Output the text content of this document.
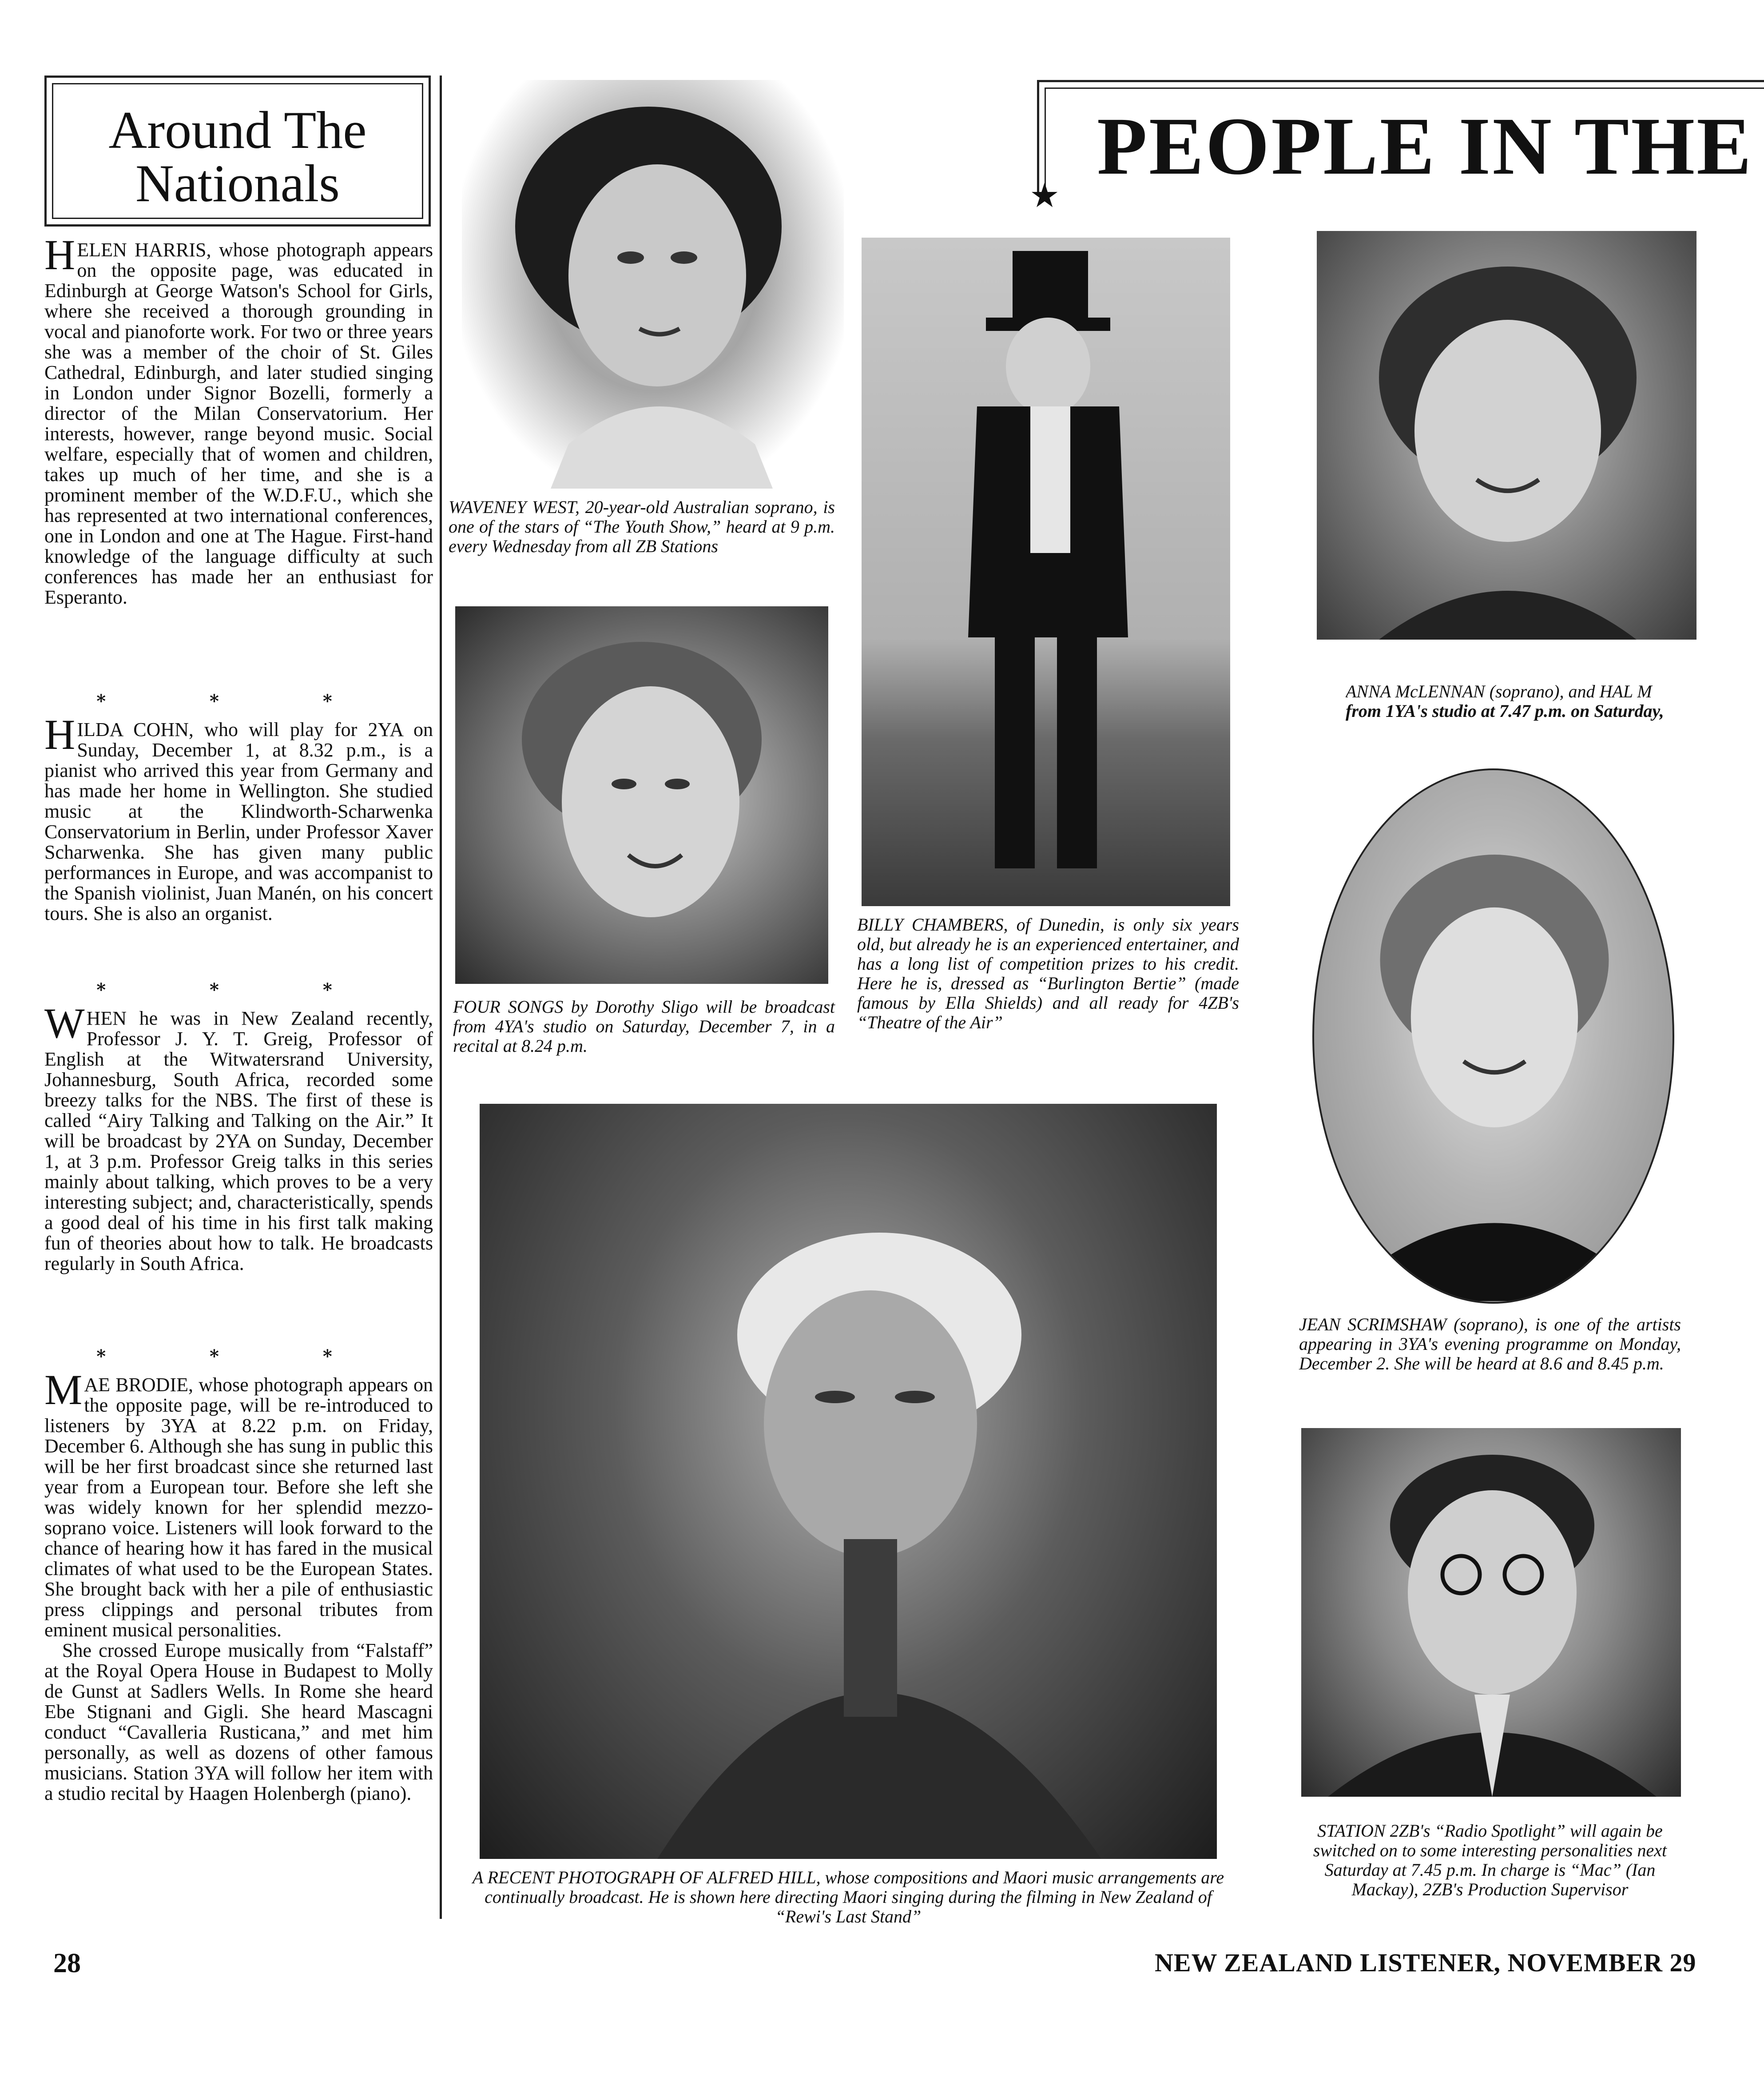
Around The
Nationals
HELEN HARRIS, whose photograph appears on the opposite page, was educated in Edinburgh at George Watson's School for Girls, where she received a thorough grounding in vocal and pianoforte work. For two or three years she was a member of the choir of St. Giles Cathedral, Edinburgh, and later studied singing in London under Signor Bozelli, formerly a director of the Milan Conservatorium. Her interests, however, range beyond music. Social welfare, especially that of women and children, takes up much of her time, and she is a prominent member of the W.D.F.U., which she has represented at two international conferences, one in London and one at The Hague. First-hand knowledge of the language difficulty at such conferences has made her an enthusiast for Esperanto.
* * *
HILDA COHN, who will play for 2YA on Sunday, December 1, at 8.32 p.m., is a pianist who arrived this year from Germany and has made her home in Wellington. She studied music at the Klindworth-Scharwenka Conservatorium in Berlin, under Professor Xaver Scharwenka. She has given many public performances in Europe, and was accompanist to the Spanish violinist, Juan Manén, on his concert tours. She is also an organist.
* * *
WHEN he was in New Zealand recently, Professor J. Y. T. Greig, Professor of English at the Witwatersrand University, Johannesburg, South Africa, recorded some breezy talks for the NBS. The first of these is called “Airy Talking and Talking on the Air.” It will be broadcast by 2YA on Sunday, December 1, at 3 p.m. Professor Greig talks in this series mainly about talking, which proves to be a very interesting subject; and, characteristically, spends a good deal of his time in his first talk making fun of theories about how to talk. He broadcasts regularly in South Africa.
* * *
MAE BRODIE, whose photograph appears on the opposite page, will be re-introduced to listeners by 3YA at 8.22 p.m. on Friday, December 6. Although she has sung in public this will be her first broadcast since she returned last year from a European tour. Before she left she was widely known for her splendid mezzo-soprano voice. Listeners will look forward to the chance of hearing how it has fared in the musical climates of what used to be the European States. She brought back with her a pile of enthusiastic press clippings and personal tributes from eminent musical personalities.
She crossed Europe musically from “Falstaff” at the Royal Opera House in Budapest to Molly de Gunst at Sadlers Wells. In Rome she heard Ebe Stignani and Gigli. She heard Mascagni conduct “Cavalleria Rusticana,” and met him personally, as well as dozens of other famous musicians. Station 3YA will follow her item with a studio recital by Haagen Holenbergh (piano).
PEOPLE IN THE
★
WAVENEY WEST, 20-year-old Australian soprano, is one of the stars of “The Youth Show,” heard at 9 p.m. every Wednesday from all ZB Stations
FOUR SONGS by Dorothy Sligo will be broadcast from 4YA's studio on Saturday, December 7, in a recital at 8.24 p.m.
BILLY CHAMBERS, of Dunedin, is only six years old, but already he is an experienced entertainer, and has a long list of competition prizes to his credit. Here he is, dressed as “Burlington Bertie” (made famous by Ella Shields) and all ready for 4ZB's “Theatre of the Air”
A RECENT PHOTOGRAPH OF ALFRED HILL, whose compositions and Maori music arrangements are continually broadcast. He is shown here directing Maori singing during the filming in New Zealand of “Rewi's Last Stand”
ANNA McLENNAN (soprano), and HAL M
from 1YA's studio at 7.47 p.m. on Saturday,
JEAN SCRIMSHAW (soprano), is one of the artists appearing in 3YA's evening programme on Monday, December 2. She will be heard at 8.6 and 8.45 p.m.
STATION 2ZB's “Radio Spotlight” will again be switched on to some interesting personalities next Saturday at 7.45 p.m. In charge is “Mac” (Ian Mackay), 2ZB's Production Supervisor
28	NEW ZEALAND LISTENER, NOVEMBER 29
